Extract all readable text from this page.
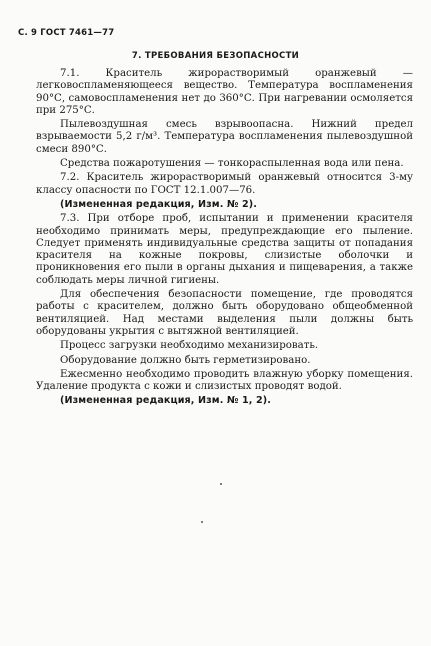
С. 9 ГОСТ 7461—77
7. ТРЕБОВАНИЯ БЕЗОПАСНОСТИ

7.1. Краситель жирорастворимый оранжевый — легковоспламеняющееся вещество. Температура воспламенения 90°С, самовоспламенения нет до 360°С. При нагревании осмоляется при 275°С.

Пылевоздушная смесь взрывоопасна. Нижний предел взрываемости 5,2 г/м³. Температура воспламенения пылевоздушной смеси 890°С.

Средства пожаротушения — тонкораспыленная вода или пена.

7.2. Краситель жирорастворимый оранжевый относится 3-му классу опасности по ГОСТ 12.1.007—76.

(Измененная редакция, Изм. № 2).

7.3. При отборе проб, испытании и применении красителя необходимо принимать меры, предупреждающие его пыление. Следует применять индивидуальные средства защиты от попадания красителя на кожные покровы, слизистые оболочки и проникновения его пыли в органы дыхания и пищеварения, а также соблюдать меры личной гигиены.

Для обеспечения безопасности помещение, где проводятся работы с красителем, должно быть оборудовано общеобменной вентиляцией. Над местами выделения пыли должны быть оборудованы укрытия с вытяжной вентиляцией.

Процесс загрузки необходимо механизировать.

Оборудование должно быть герметизировано.

Ежесменно необходимо проводить влажную уборку помещения. Удаление продукта с кожи и слизистых проводят водой.

(Измененная редакция, Изм. № 1, 2).
